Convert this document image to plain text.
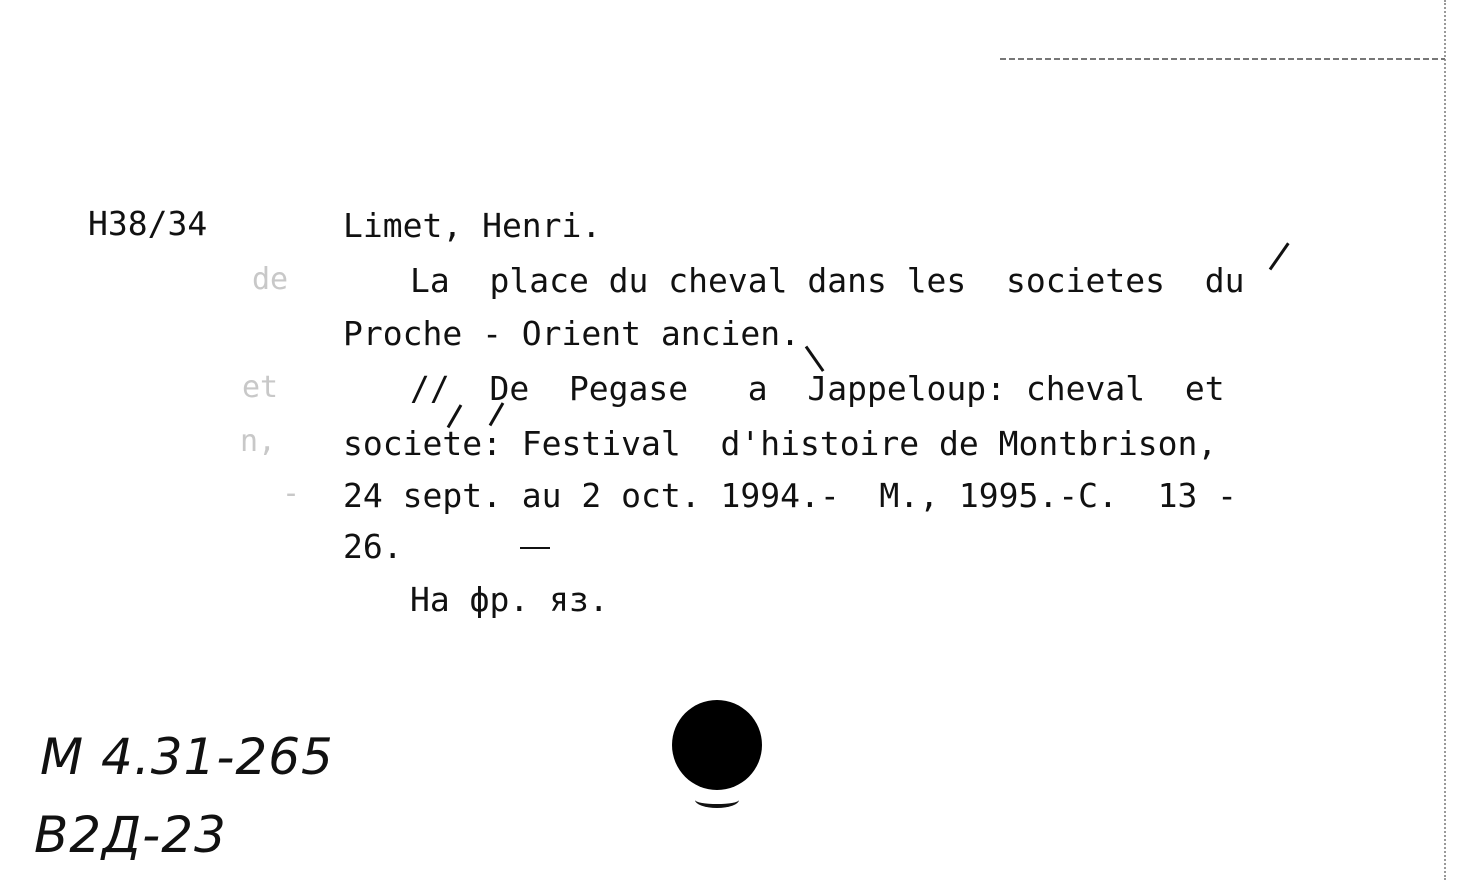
H38/34	Limet, Henri.
La  place du cheval dans les  societes  du
Proche - Orient ancien.
//  De  Pegase   a  Jappeloup: cheval  et
societe: Festival  d'histoire de Montbrison,
24 sept. au 2 oct. 1994.-  M., 1995.-C.  13 -
26.
На фр. яз.
de
et
n,
-
М 4.31-265
В2Д-23
